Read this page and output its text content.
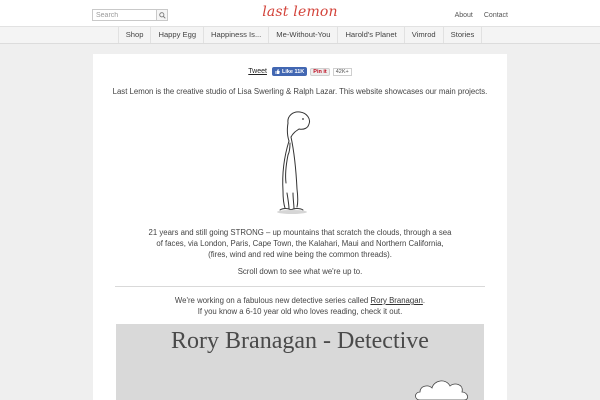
Search
last lemon	About Contact
Shop	Happy Egg	Happiness Is...	Me-Without-You	Harold's Planet	Vimrod	Stories
Tweet	Like 11K Pin it	42K+
Last Lemon is the creative studio of Lisa Swerling & Ralph Lazar. This website showcases our main projects.
21 years and still going STRONG – up mountains that scratch the clouds, through a sea
of faces, via London, Paris, Cape Town, the Kalahari, Maui and Northern California,
(fires, wind and red wine being the common threads).
Scroll down to see what we're up to.
We're working on a fabulous new detective series called Rory Branagan.
If you know a 6-10 year old who loves reading, check it out.
Rory Branagan - Detective
